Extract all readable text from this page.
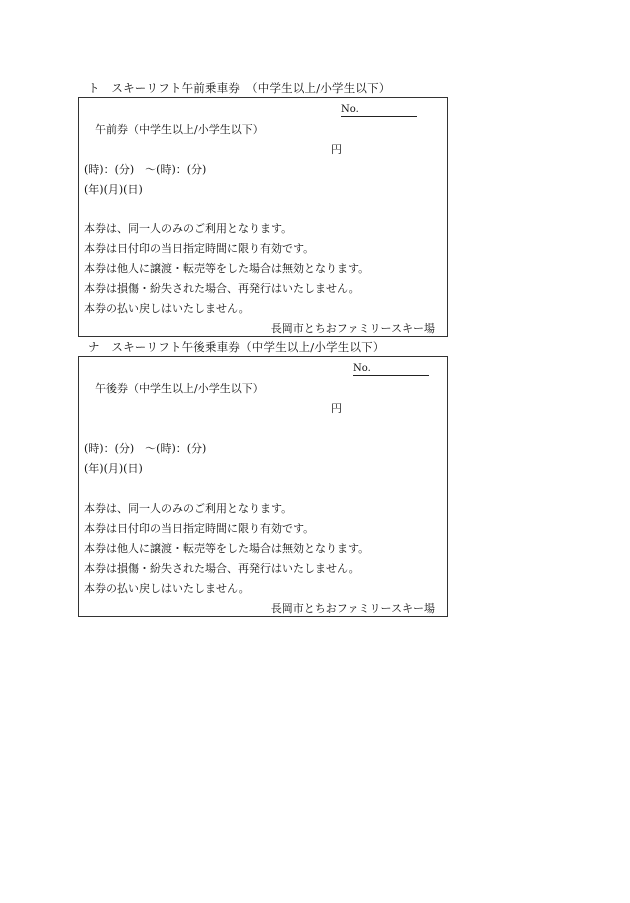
ト　スキーリフト午前乗車券　（中学生以上/小学生以下）
No.
午前券（中学生以上/小学生以下）
円
(時)：(分)　～(時)：(分)
(年)(月)(日)
本券は、同一人のみのご利用となります。
本券は日付印の当日指定時間に限り有効です。
本券は他人に譲渡・転売等をした場合は無効となります。
本券は損傷・紛失された場合、再発行はいたしません。
本券の払い戻しはいたしません。
長岡市とちおファミリースキー場
ナ　スキーリフト午後乗車券（中学生以上/小学生以下）
No.
午後券（中学生以上/小学生以下）
円
(時)：(分)　～(時)：(分)
(年)(月)(日)
本券は、同一人のみのご利用となります。
本券は日付印の当日指定時間に限り有効です。
本券は他人に譲渡・転売等をした場合は無効となります。
本券は損傷・紛失された場合、再発行はいたしません。
本券の払い戻しはいたしません。
長岡市とちおファミリースキー場
